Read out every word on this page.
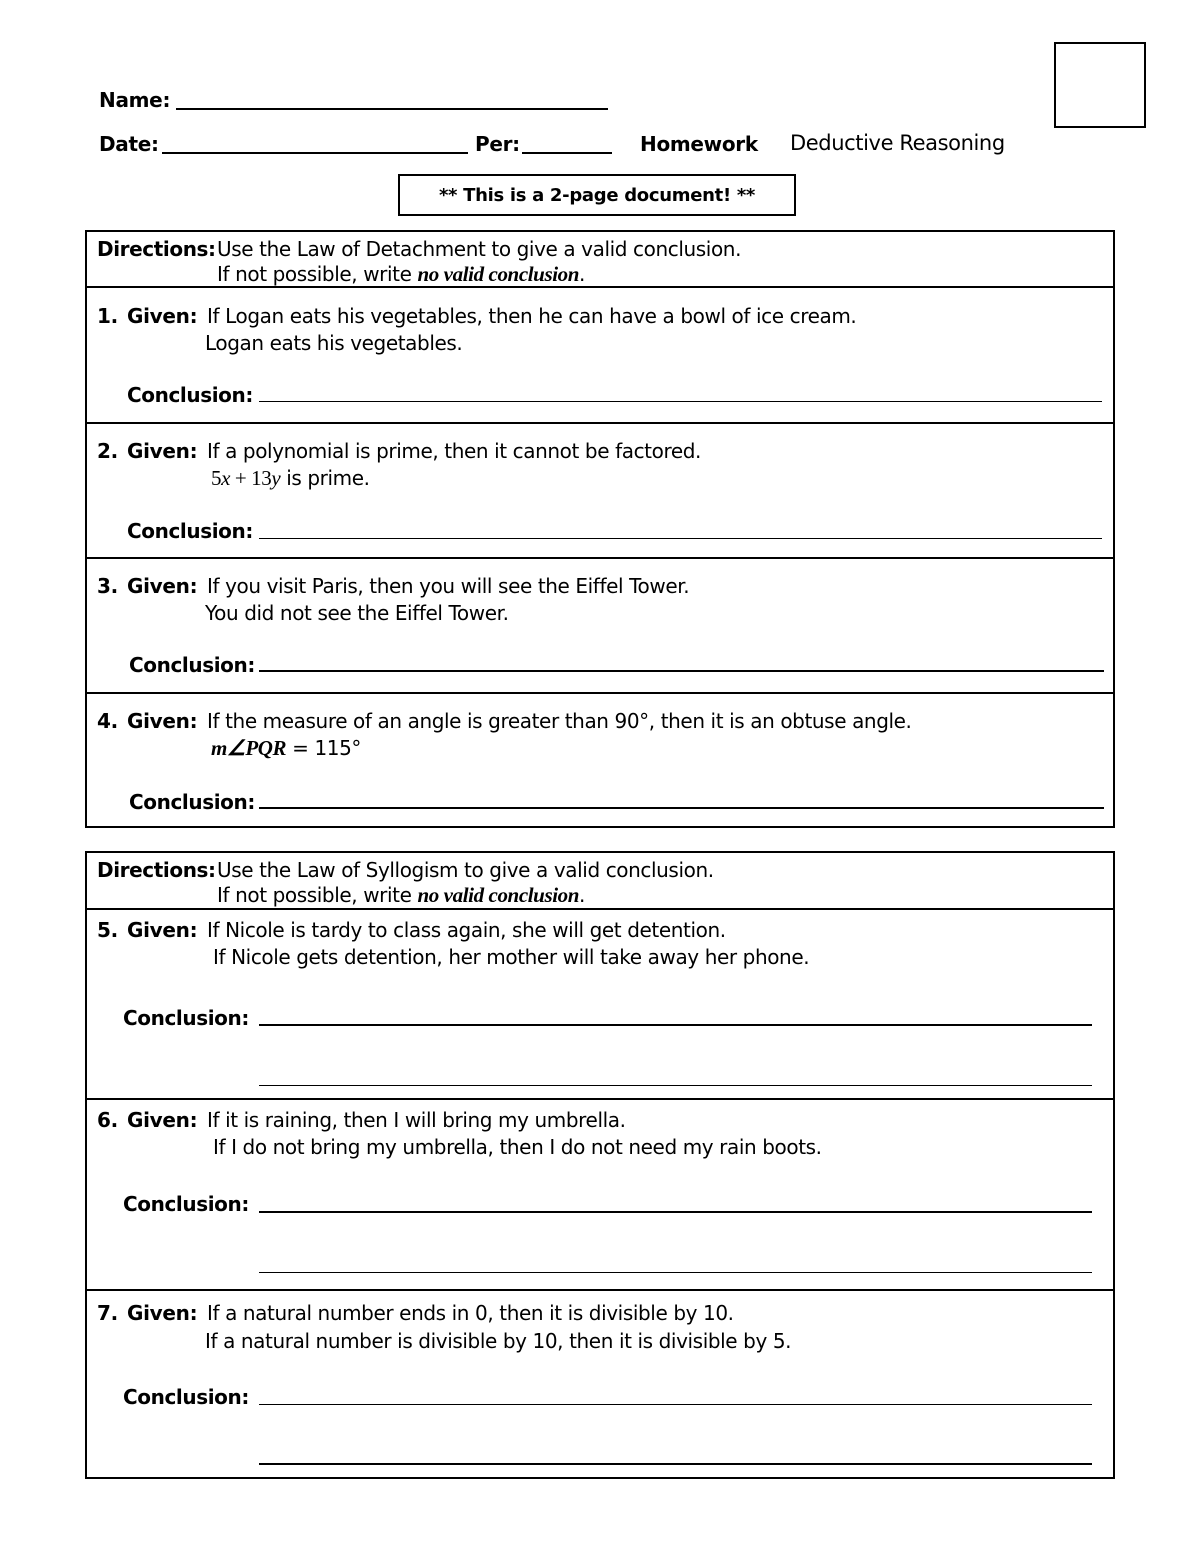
Name:
Date:	Per:	Homework Deductive Reasoning
** This is a 2-page document! **
Directions: Use the Law of Detachment to give a valid conclusion.
If not possible, write no valid conclusion.
1. Given: If Logan eats his vegetables, then he can have a bowl of ice cream.
Logan eats his vegetables.
Conclusion:
2. Given: If a polynomial is prime, then it cannot be factored.
5x + 13y is prime.
Conclusion:
3. Given: If you visit Paris, then you will see the Eiffel Tower.
You did not see the Eiffel Tower.
Conclusion:
4. Given: If the measure of an angle is greater than 90°, then it is an obtuse angle.
m∠PQR = 115°
Conclusion:
Directions: Use the Law of Syllogism to give a valid conclusion.
If not possible, write no valid conclusion.
5. Given: If Nicole is tardy to class again, she will get detention.
If Nicole gets detention, her mother will take away her phone.
Conclusion:
6. Given: If it is raining, then I will bring my umbrella.
If I do not bring my umbrella, then I do not need my rain boots.
Conclusion:
7. Given: If a natural number ends in 0, then it is divisible by 10.
If a natural number is divisible by 10, then it is divisible by 5.
Conclusion:
